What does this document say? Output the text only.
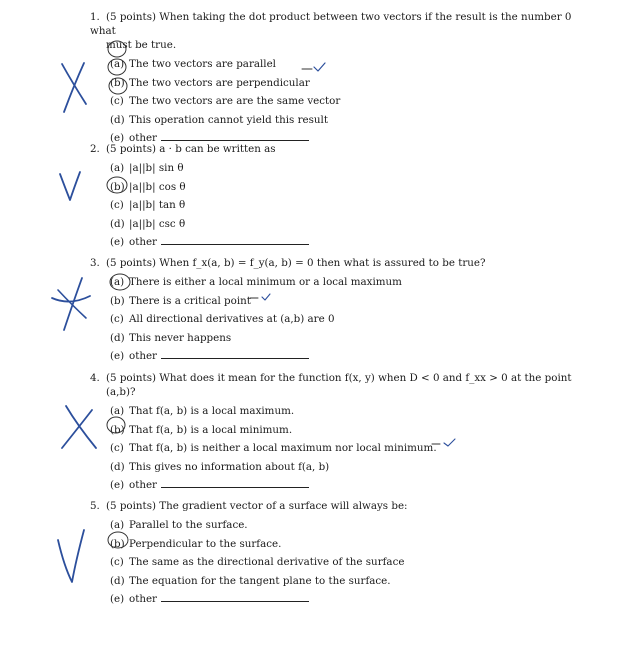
1. (5 points) When taking the dot product between two vectors if the result is the number 0 what
must be true.
(a) The two vectors are parallel
(b) The two vectors are perpendicular
(c) The two vectors are are the same vector
(d) This operation cannot yield this result
(e) other
2. (5 points) a · b can be written as
(a) |a||b| sin θ
(b) |a||b| cos θ
(c) |a||b| tan θ
(d) |a||b| csc θ
(e) other
3. (5 points) When f_x(a, b) = f_y(a, b) = 0 then what is assured to be true?
(a) There is either a local minimum or a local maximum
(b) There is a critical point
(c) All directional derivatives at (a,b) are 0
(d) This never happens
(e) other
4. (5 points) What does it mean for the function f(x, y) when D < 0 and f_xx > 0 at the point
(a,b)?
(a) That f(a, b) is a local maximum.
(b) That f(a, b) is a local minimum.
(c) That f(a, b) is neither a local maximum nor local minimum.
(d) This gives no information about f(a, b)
(e) other
5. (5 points) The gradient vector of a surface will always be:
(a) Parallel to the surface.
(b) Perpendicular to the surface.
(c) The same as the directional derivative of the surface
(d) The equation for the tangent plane to the surface.
(e) other
